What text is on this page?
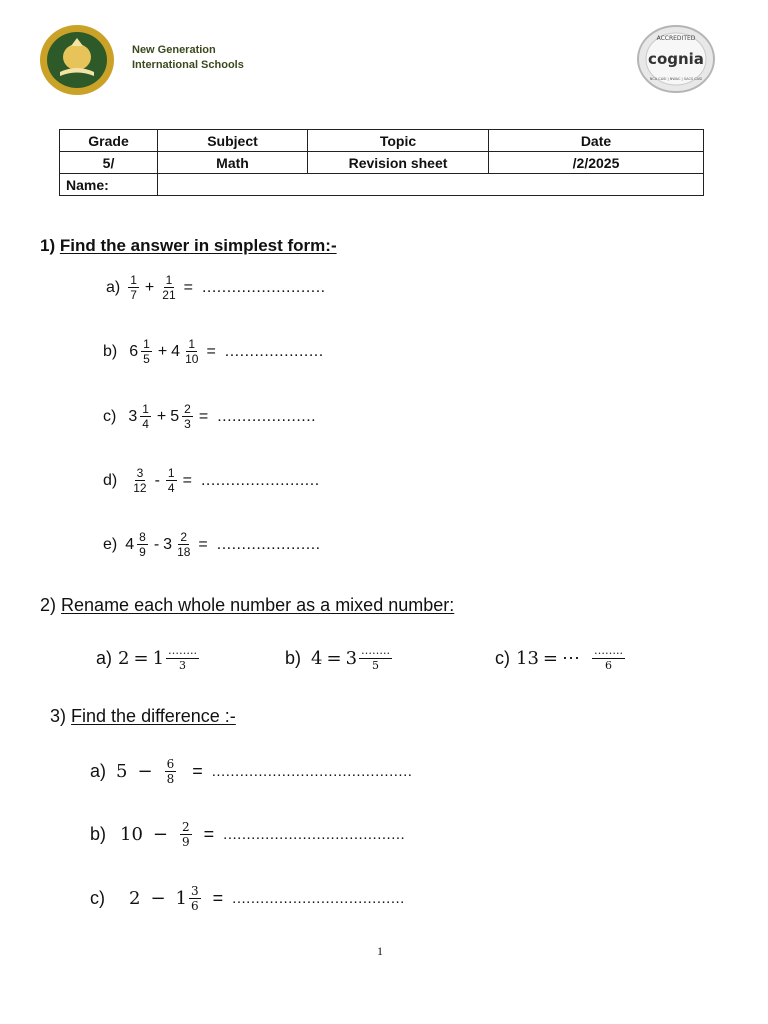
New Generation
International Schools	cognia
ACCREDITED
NCA CASI | NWAC | SACS CASI
Grade	Subject	Topic	Date
5/	Math	Revision sheet	/2/2025
Name:			
1) Find the answer in simplest form:-
$a) \frac{1}{7} + \frac{1}{21}$ = .........................
b) $6 \frac{1}{5} + 4 \frac{1}{10}$ = ....................
c) $3 \frac{1}{4} + 5 \frac{2}{3}$ = ....................
$d) \frac{3}{12} - \frac{1}{4}$ = ........................
e) $4 \frac{8}{9} - 3 \frac{2}{18}$ = .....................
2) Rename each whole number as a mixed number:
a) $2 = 1 \frac{\dots\dots..}{3}$	b) $4 = 3 \frac{\dots\dots..}{5}$	c) 13 = ⋯ $\frac{\dots\dots..}{6}$
3) Find the difference :-
a) $5 - \frac{6}{8}$ = ...........................................
b) $10 - \frac{2}{9}$ = .......................................
c) $2 - 1 \frac{3}{6}$ = .....................................
1
